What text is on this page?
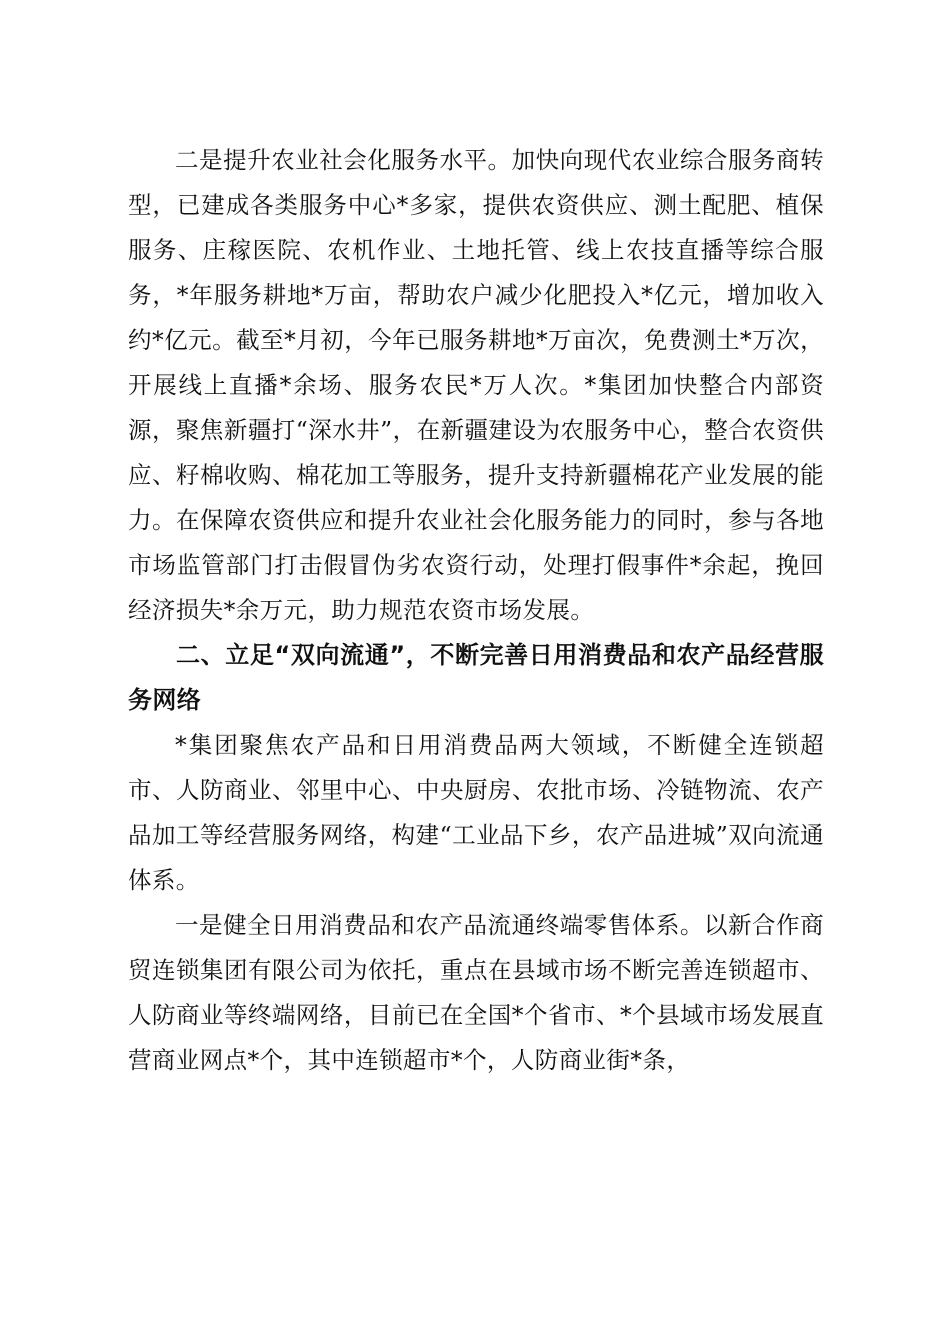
二是提升农业社会化服务水平。加快向现代农业综合服务商转型，已建成各类服务中心*多家，提供农资供应、测土配肥、植保服务、庄稼医院、农机作业、土地托管、线上农技直播等综合服务，*年服务耕地*万亩，帮助农户减少化肥投入*亿元，增加收入约*亿元。截至*月初，今年已服务耕地*万亩次，免费测土*万次，开展线上直播*余场、服务农民*万人次。*集团加快整合内部资源，聚焦新疆打“深水井”，在新疆建设为农服务中心，整合农资供应、籽棉收购、棉花加工等服务，提升支持新疆棉花产业发展的能力。在保障农资供应和提升农业社会化服务能力的同时，参与各地市场监管部门打击假冒伪劣农资行动，处理打假事件*余起，挽回经济损失*余万元，助力规范农资市场发展。

二、立足“双向流通”，不断完善日用消费品和农产品经营服务网络

*集团聚焦农产品和日用消费品两大领域，不断健全连锁超市、人防商业、邻里中心、中央厨房、农批市场、冷链物流、农产品加工等经营服务网络，构建“工业品下乡，农产品进城”双向流通体系。

一是健全日用消费品和农产品流通终端零售体系。以新合作商贸连锁集团有限公司为依托，重点在县域市场不断完善连锁超市、人防商业等终端网络，目前已在全国*个省市、*个县域市场发展直营商业网点*个，其中连锁超市*个，人防商业街*条，
